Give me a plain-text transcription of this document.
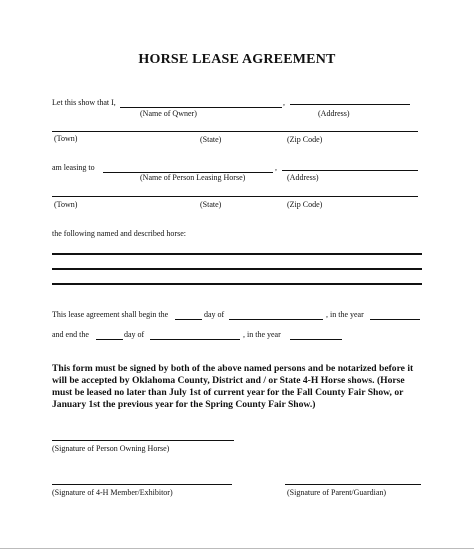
HORSE LEASE AGREEMENT
Let this show that I,	,
(Name of Qwner)	(Address)
(Town)	(State)	(Zip Code)
am leasing to	,
(Name of Person Leasing Horse)	(Address)
(Town)	(State)	(Zip Code)
the following named and described horse:
This lease agreement shall begin the	day of	, in the year
and end the	day of	, in the year
This form must be signed by both of the above named persons and be notarized before it
will be accepted by Oklahoma County, District and / or State 4-H Horse shows. (Horse
must be leased no later than July 1st of current year for the Fall County Fair Show, or
January 1st the previous year for the Spring County Fair Show.)
(Signature of Person Owning Horse)
(Signature of 4-H Member/Exhibitor)	(Signature of Parent/Guardian)
